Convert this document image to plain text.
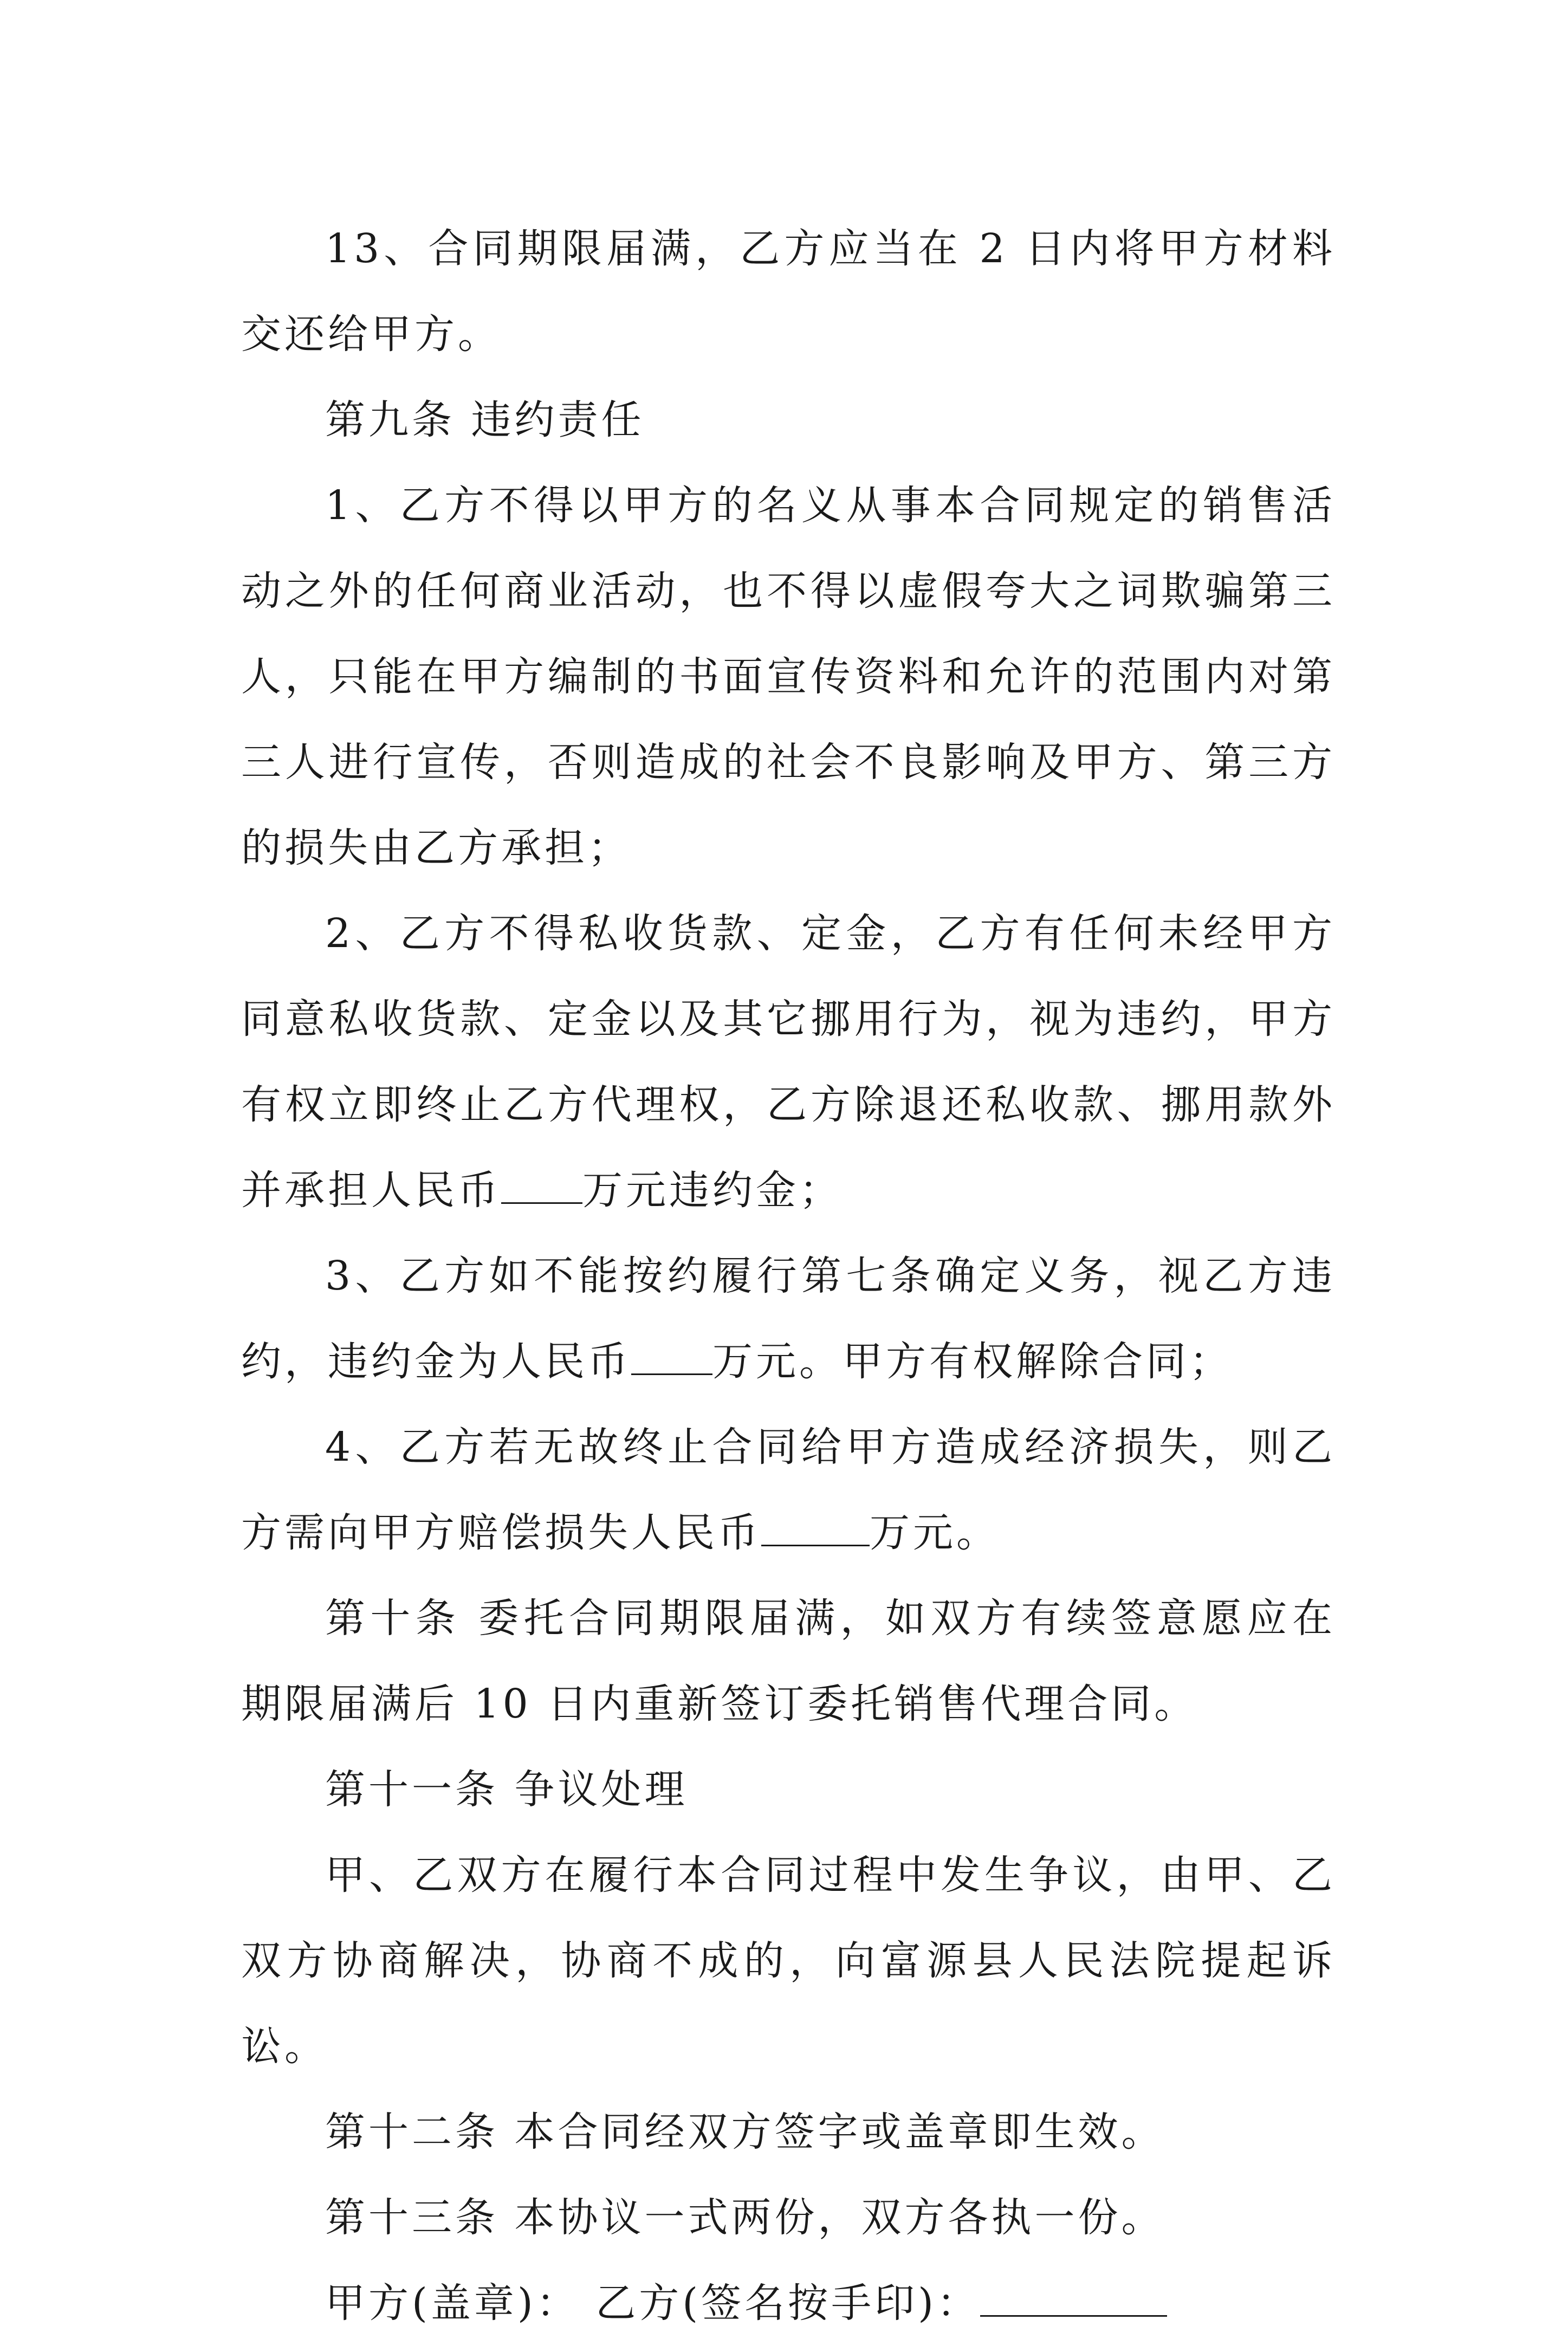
13、合同期限届满，乙方应当在 2 日内将甲方材料交还给甲方。

第九条 违约责任

1、乙方不得以甲方的名义从事本合同规定的销售活动之外的任何商业活动，也不得以虚假夸大之词欺骗第三人，只能在甲方编制的书面宣传资料和允许的范围内对第三人进行宣传，否则造成的社会不良影响及甲方、第三方的损失由乙方承担；

2、乙方不得私收货款、定金，乙方有任何未经甲方同意私收货款、定金以及其它挪用行为，视为违约，甲方有权立即终止乙方代理权，乙方除退还私收款、挪用款外并承担人民币 万元违约金；

3、乙方如不能按约履行第七条确定义务，视乙方违约，违约金为人民币 万元。甲方有权解除合同；

4、乙方若无故终止合同给甲方造成经济损失，则乙方需向甲方赔偿损失人民币	万元。

第十条 委托合同期限届满，如双方有续签意愿应在期限届满后 10 日内重新签订委托销售代理合同。

第十一条 争议处理

甲、乙双方在履行本合同过程中发生争议，由甲、乙双方协商解决，协商不成的，向富源县人民法院提起诉讼。

第十二条 本合同经双方签字或盖章即生效。

第十三条 本协议一式两份，双方各执一份。

甲方(盖章)： 乙方(签名按手印)：
